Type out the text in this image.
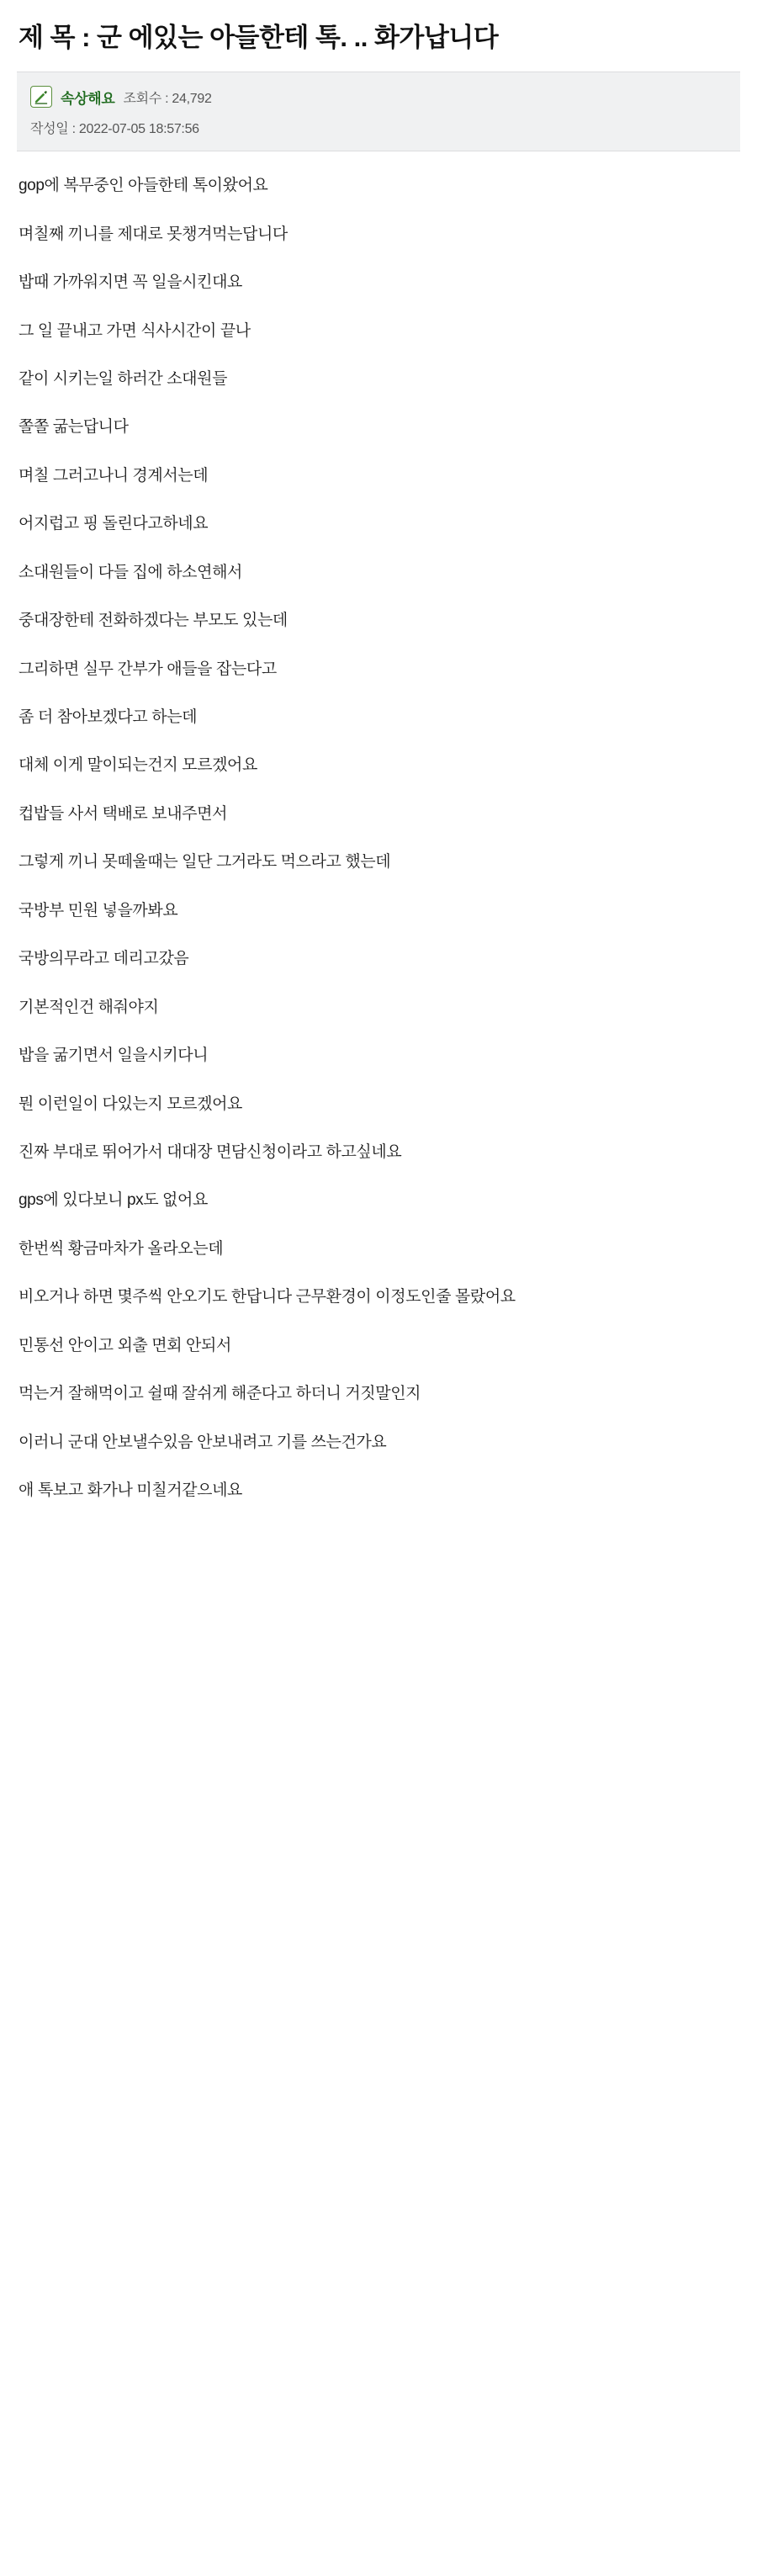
제 목 : 군 에있는 아들한테 톡. .. 화가납니다
속상해요 조회수 : 24,792
작성일 : 2022-07-05 18:57:56

gop에 복무중인 아들한테 톡이왔어요

며칠째 끼니를 제대로 못챙겨먹는답니다

밥때 가까워지면 꼭 일을시킨대요

그 일 끝내고 가면 식사시간이 끝나

같이 시키는일 하러간 소대원들

쫄쫄 굶는답니다

며칠 그러고나니 경계서는데

어지럽고 핑 돌린다고하네요

소대원들이 다들 집에 하소연해서

중대장한테 전화하겠다는 부모도 있는데

그리하면 실무 간부가 애들을 잡는다고

좀 더 참아보겠다고 하는데

대체 이게 말이되는건지 모르겠어요

컵밥들 사서 택배로 보내주면서

그렇게 끼니 못떼울때는 일단 그거라도 먹으라고 했는데

국방부 민원 넣을까봐요

국방의무라고 데리고갔음

기본적인건 해줘야지

밥을 굶기면서 일을시키다니

뭔 이런일이 다있는지 모르겠어요

진짜 부대로 뛰어가서 대대장 면담신청이라고 하고싶네요

gps에 있다보니 px도 없어요

한번씩 황금마차가 올라오는데

비오거나 하면 몇주씩 안오기도 한답니다 근무환경이 이정도인줄 몰랐어요

민통선 안이고 외출 면회 안되서

먹는거 잘해먹이고 쉴때 잘쉬게 해준다고 하더니 거짓말인지

이러니 군대 안보낼수있음 안보내려고 기를 쓰는건가요

애 톡보고 화가나 미칠거같으네요
